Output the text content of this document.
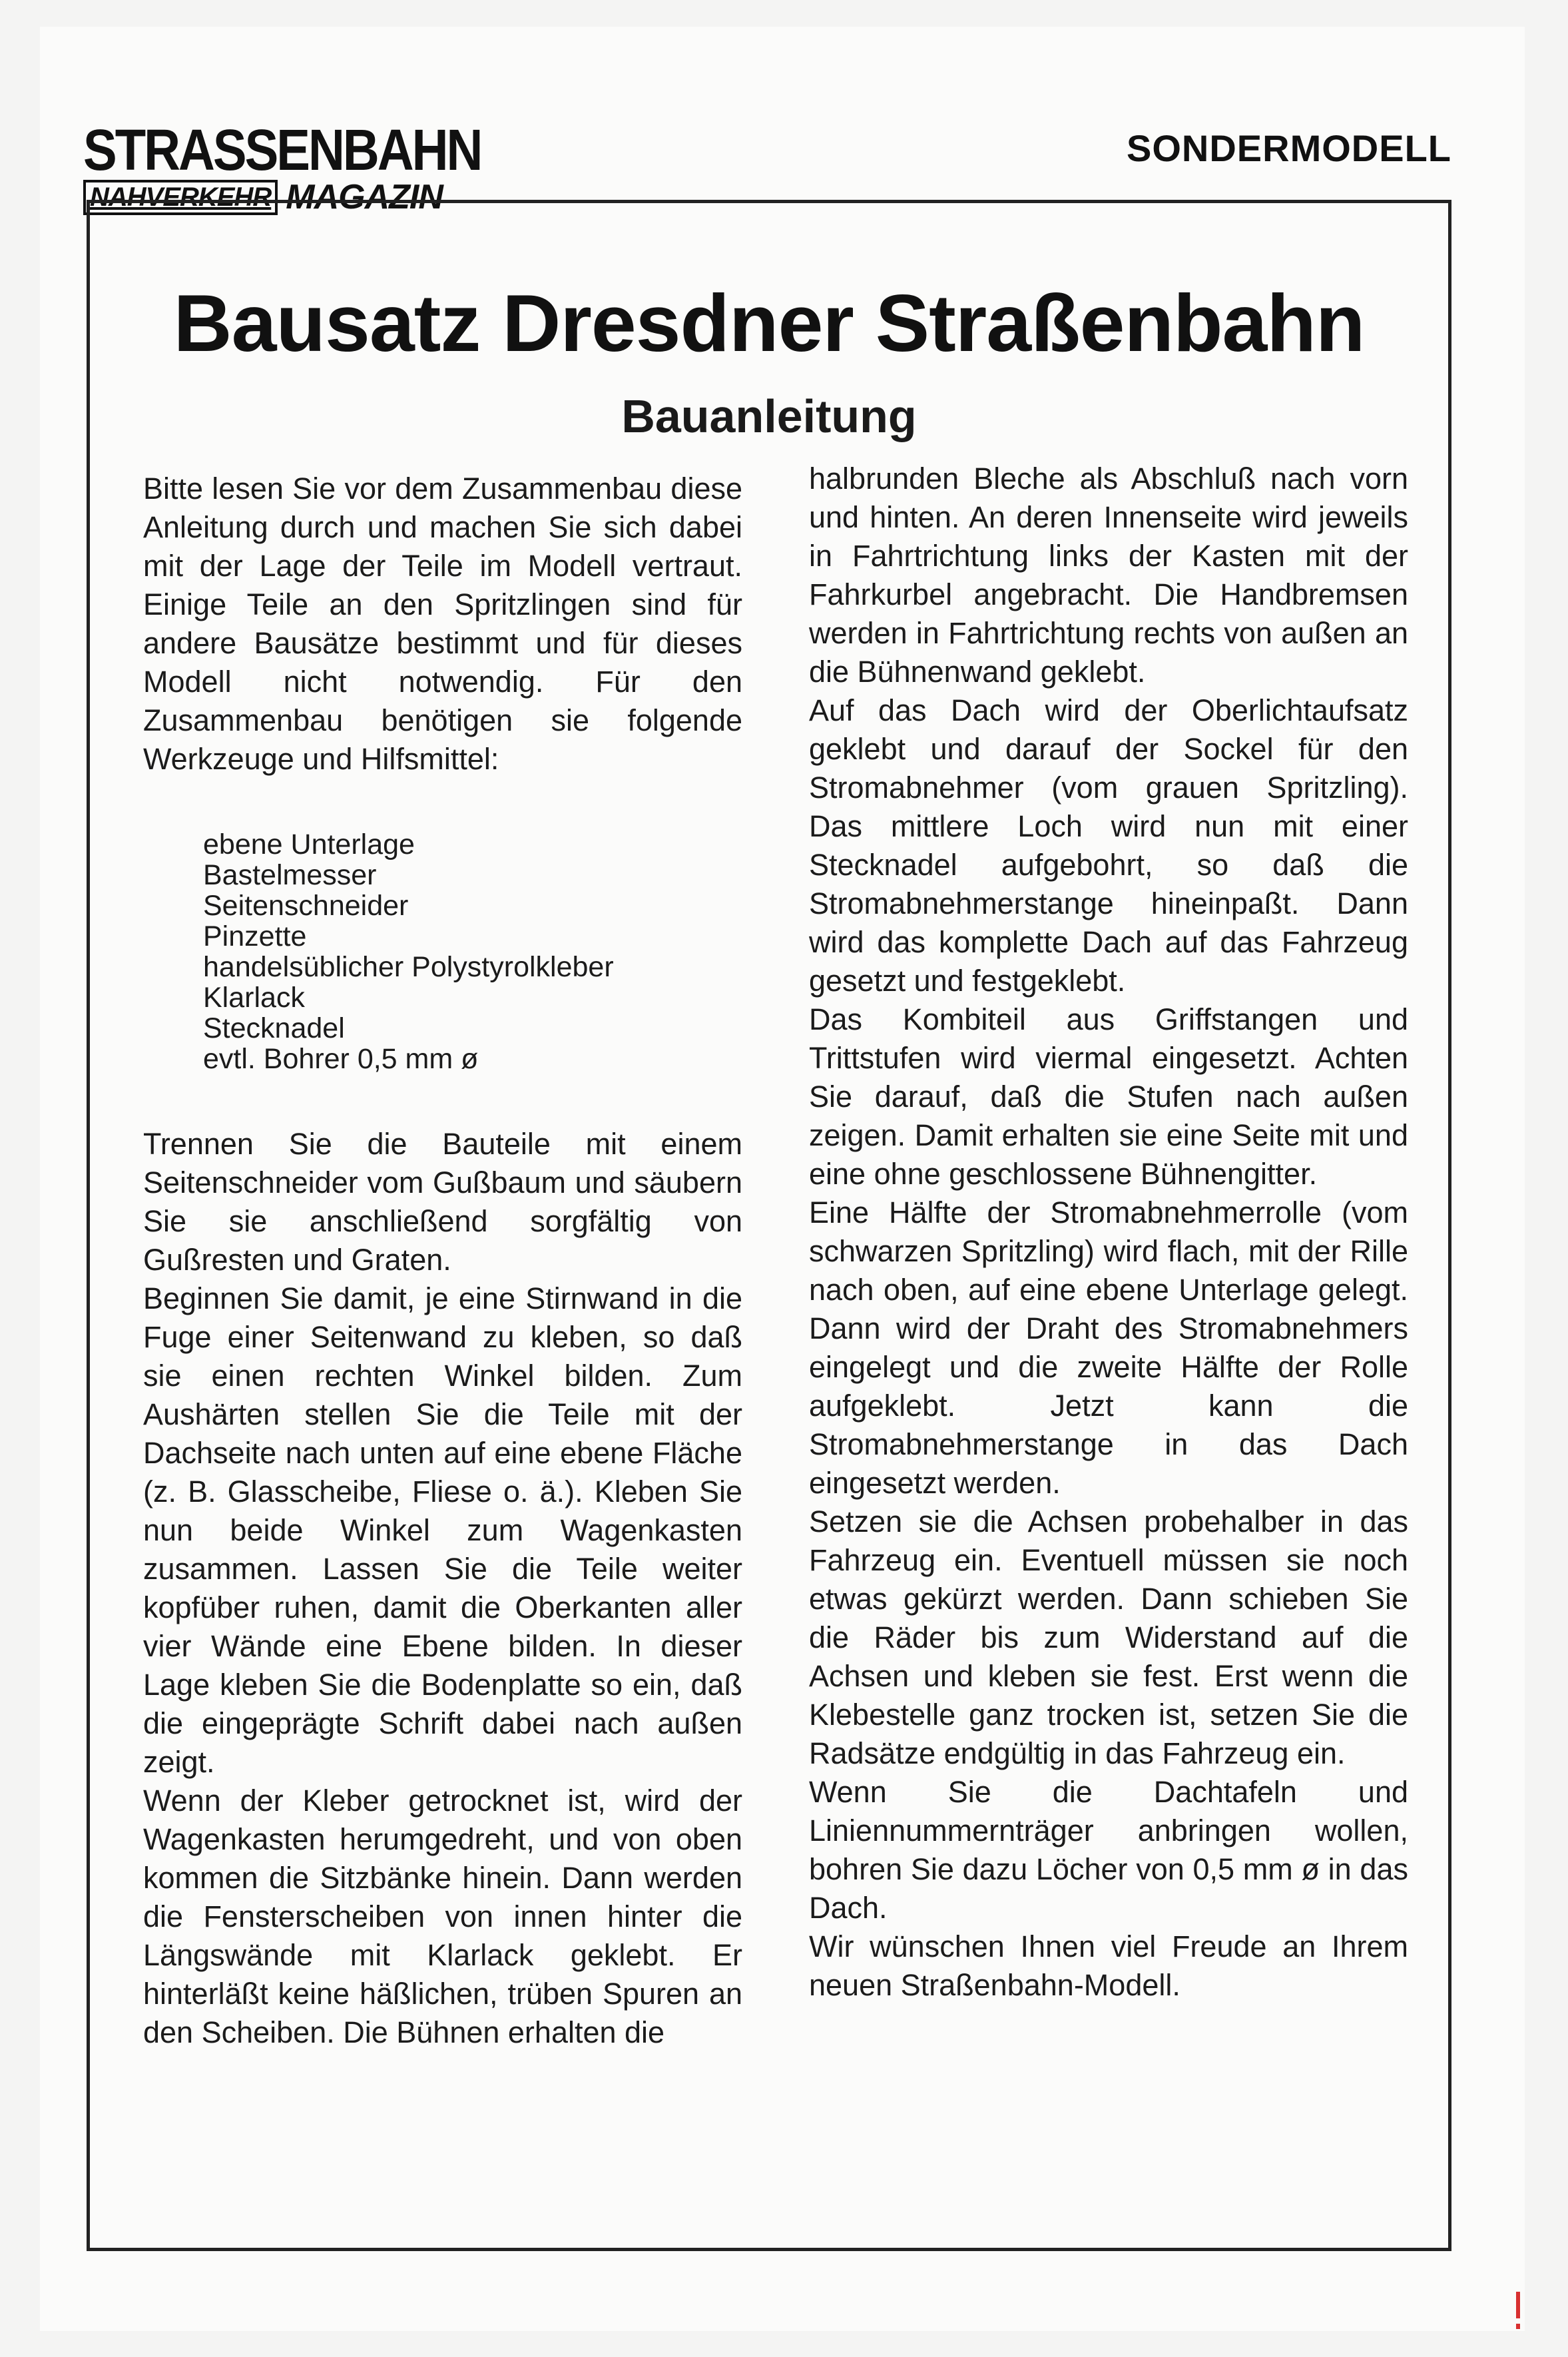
STRASSENBAHN
NAHVERKEHR MAGAZIN
SONDERMODELL
Bausatz Dresdner Straßenbahn
Bauanleitung

Bitte lesen Sie vor dem Zusammenbau diese Anleitung durch und machen Sie sich dabei mit der Lage der Teile im Modell vertraut. Einige Teile an den Spritzlingen sind für andere Bausätze bestimmt und für dieses Modell nicht notwendig. Für den Zusammenbau benötigen sie folgende Werkzeuge und Hilfsmittel:

ebene Unterlage
Bastelmesser
Seitenschneider
Pinzette
handelsüblicher Polystyrolkleber
Klarlack
Stecknadel
evtl. Bohrer 0,5 mm ø

Trennen Sie die Bauteile mit einem Seitenschneider vom Gußbaum und säubern Sie sie anschließend sorgfältig von Gußresten und Graten.

Beginnen Sie damit, je eine Stirnwand in die Fuge einer Seitenwand zu kleben, so daß sie einen rechten Winkel bilden. Zum Aushärten stellen Sie die Teile mit der Dachseite nach unten auf eine ebene Fläche (z. B. Glasscheibe, Fliese o. ä.). Kleben Sie nun beide Winkel zum Wagenkasten zusammen. Lassen Sie die Teile weiter kopfüber ruhen, damit die Oberkanten aller vier Wände eine Ebene bilden. In dieser Lage kleben Sie die Bodenplatte so ein, daß die eingeprägte Schrift dabei nach außen zeigt.

Wenn der Kleber getrocknet ist, wird der Wagenkasten herumgedreht, und von oben kommen die Sitzbänke hinein. Dann werden die Fensterscheiben von innen hinter die Längswände mit Klarlack geklebt. Er hinterläßt keine häßlichen, trüben Spuren an den Scheiben. Die Bühnen erhalten die

halbrunden Bleche als Abschluß nach vorn und hinten. An deren Innenseite wird jeweils in Fahrtrichtung links der Kasten mit der Fahrkurbel angebracht. Die Handbremsen werden in Fahrtrichtung rechts von außen an die Bühnenwand geklebt.

Auf das Dach wird der Oberlichtaufsatz geklebt und darauf der Sockel für den Stromabnehmer (vom grauen Spritzling). Das mittlere Loch wird nun mit einer Stecknadel aufgebohrt, so daß die Stromabnehmerstange hineinpaßt. Dann wird das komplette Dach auf das Fahrzeug gesetzt und festgeklebt.

Das Kombiteil aus Griffstangen und Trittstufen wird viermal eingesetzt. Achten Sie darauf, daß die Stufen nach außen zeigen. Damit erhalten sie eine Seite mit und eine ohne geschlossene Bühnengitter.

Eine Hälfte der Stromabnehmerrolle (vom schwarzen Spritzling) wird flach, mit der Rille nach oben, auf eine ebene Unterlage gelegt. Dann wird der Draht des Stromabnehmers eingelegt und die zweite Hälfte der Rolle aufgeklebt. Jetzt kann die Stromabnehmerstange in das Dach eingesetzt werden.

Setzen sie die Achsen probehalber in das Fahrzeug ein. Eventuell müssen sie noch etwas gekürzt werden. Dann schieben Sie die Räder bis zum Widerstand auf die Achsen und kleben sie fest. Erst wenn die Klebestelle ganz trocken ist, setzen Sie die Radsätze endgültig in das Fahrzeug ein.

Wenn Sie die Dachtafeln und Liniennummernträger anbringen wollen, bohren Sie dazu Löcher von 0,5 mm ø in das Dach.

Wir wünschen Ihnen viel Freude an Ihrem neuen Straßenbahn-Modell.
